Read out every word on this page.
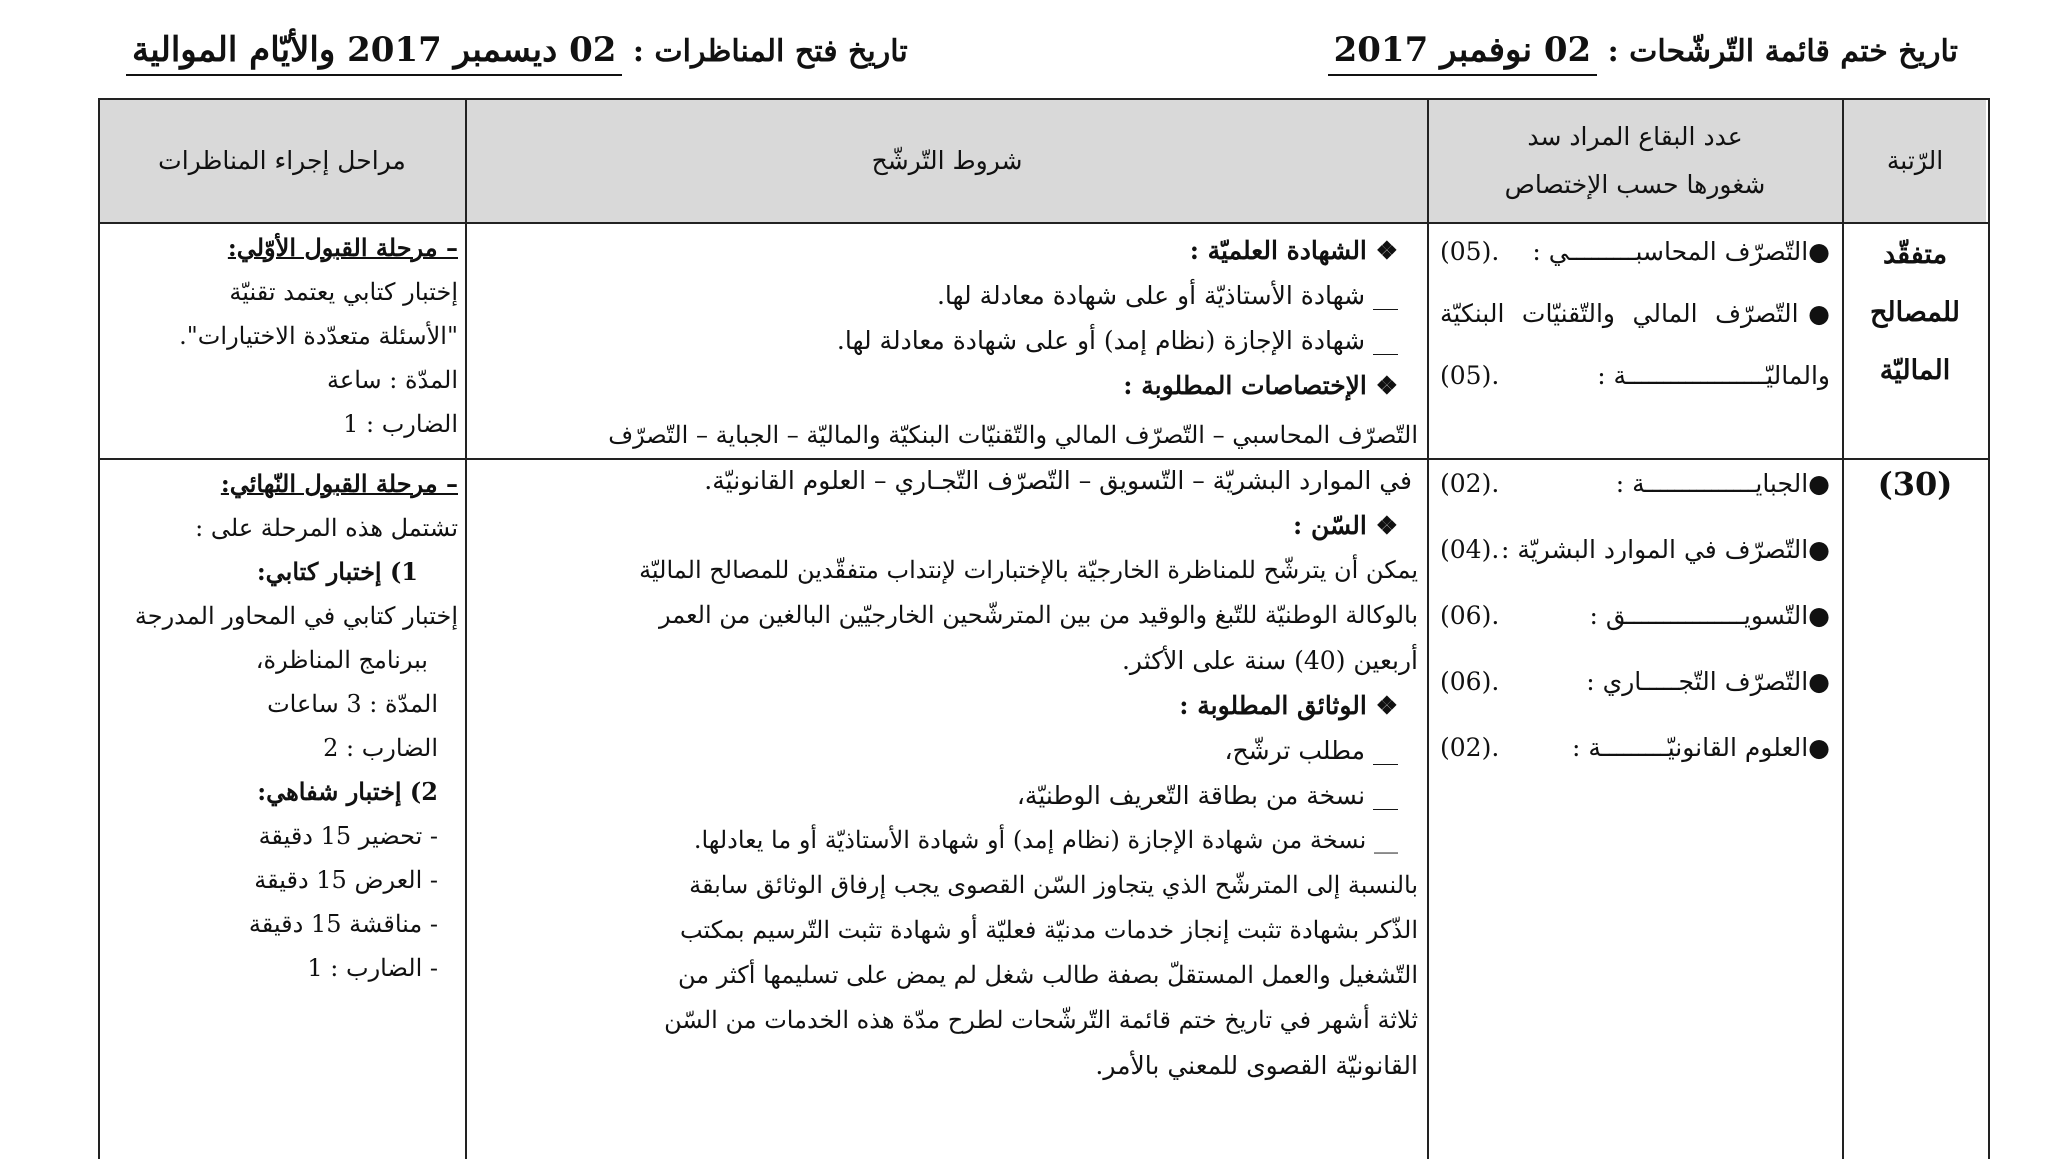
تاريخ ختم قائمة التّرشّحات : 02 نوفمبر 2017
تاريخ فتح المناظرات : 02 ديسمبر 2017 والأيّام الموالية
الرّتبة
عدد البقاع المراد سد شغورها حسب الإختصاص
شروط التّرشّح
مراحل إجراء المناظرات
متفقّد
للمصالح
الماليّة
(30)
●التّصرّف المحاسبـــــــــي :
(05).
●التّصرّف المالي والتّقنيّات البنكيّة
والماليّـــــــــــــــــــة :
(05).
●الجبايـــــــــــــــة :
(02).
●التّصرّف في الموارد البشريّة :
(04).
●التّسويــــــــــــــــق :
(06).
●التّصرّف التّجـــــاري :
(06).
●العلوم القانونيّـــــــــة :
(02).
❖ الشهادة العلميّة :
__ شهادة الأستاذيّة أو على شهادة معادلة لها.
__ شهادة الإجازة (نظام إمد) أو على شهادة معادلة لها.
❖ الإختصاصات المطلوبة :
التّصرّف المحاسبي – التّصرّف المالي والتّقنيّات البنكيّة والماليّة – الجباية – التّصرّف
في الموارد البشريّة – التّسويق – التّصرّف التّجـاري – العلوم القانونيّة.
❖ السّن :
يمكن أن يترشّح للمناظرة الخارجيّة بالإختبارات لإنتداب متفقّدين للمصالح الماليّة
بالوكالة الوطنيّة للتّبغ والوقيد من بين المترشّحين الخارجيّين البالغين من العمر
أربعين (40) سنة على الأكثر.
❖ الوثائق المطلوبة :
__ مطلب ترشّح،
__ نسخة من بطاقة التّعريف الوطنيّة،
__ نسخة من شهادة الإجازة (نظام إمد) أو شهادة الأستاذيّة أو ما يعادلها.
بالنسبة إلى المترشّح الذي يتجاوز السّن القصوى يجب إرفاق الوثائق سابقة
الذّكر بشهادة تثبت إنجاز خدمات مدنيّة فعليّة أو شهادة تثبت التّرسيم بمكتب
التّشغيل والعمل المستقلّ بصفة طالب شغل لم يمض على تسليمها أكثر من
ثلاثة أشهر في تاريخ ختم قائمة التّرشّحات لطرح مدّة هذه الخدمات من السّن
القانونيّة القصوى للمعني بالأمر.
– مرحلة القبول الأوّلي:
إختبار كتابي يعتمد تقنيّة
"الأسئلة متعدّدة الاختيارات".
المدّة : ساعة
الضارب : 1
– مرحلة القبول النّهائي:
تشتمل هذه المرحلة على :
1) إختبار كتابي:
إختبار كتابي في المحاور المدرجة
ببرنامج المناظرة،
المدّة : 3 ساعات
الضارب : 2
2) إختبار شفاهي:
- تحضير 15 دقيقة
- العرض 15 دقيقة
- مناقشة 15 دقيقة
- الضارب : 1
